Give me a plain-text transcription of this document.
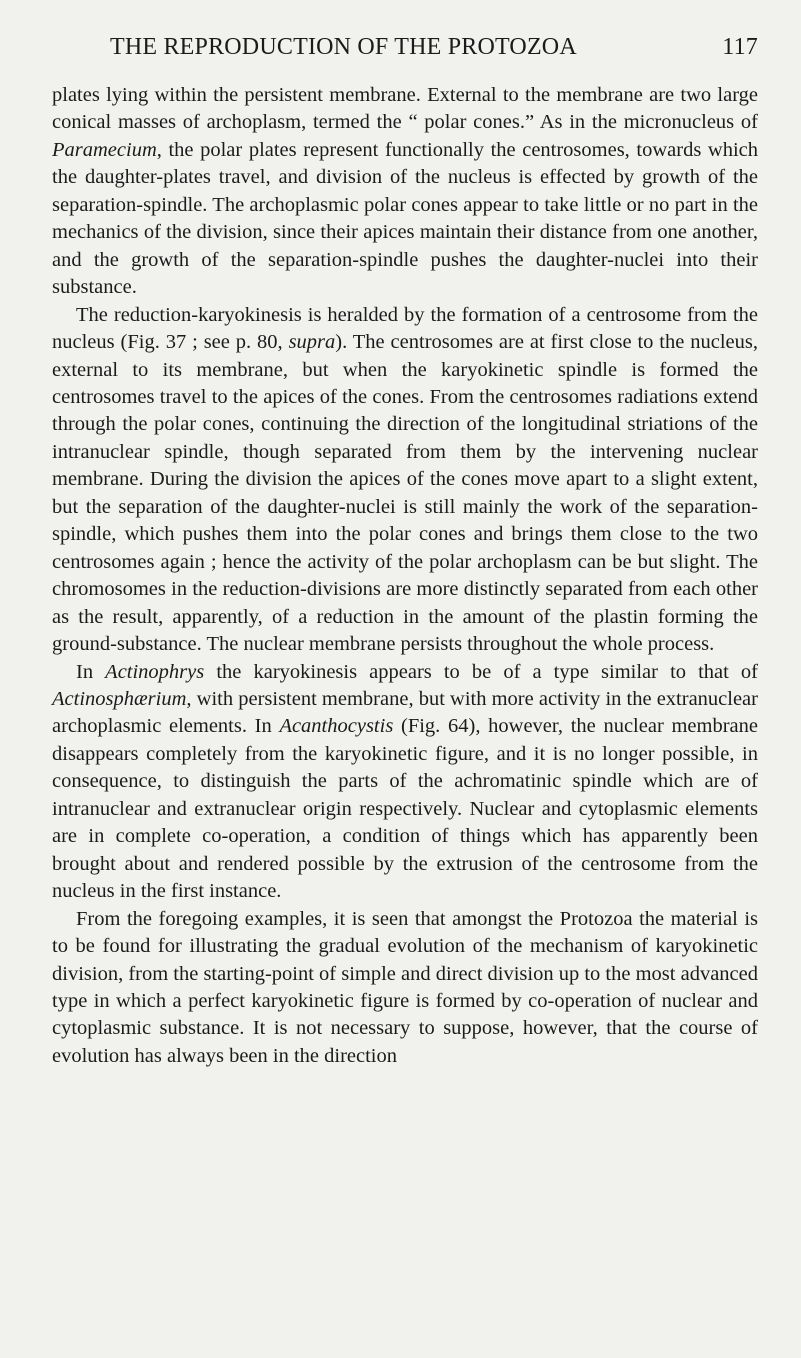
THE REPRODUCTION OF THE PROTOZOA	117

plates lying within the persistent membrane. External to the membrane are two large conical masses of archoplasm, termed the “ polar cones.” As in the micronucleus of Paramecium, the polar plates represent functionally the centrosomes, towards which the daughter-plates travel, and division of the nucleus is effected by growth of the separation-spindle. The archoplasmic polar cones appear to take little or no part in the mechanics of the division, since their apices maintain their distance from one another, and the growth of the separation-spindle pushes the daughter-nuclei into their substance.

The reduction-karyokinesis is heralded by the formation of a centrosome from the nucleus (Fig. 37 ; see p. 80, supra). The centrosomes are at first close to the nucleus, external to its membrane, but when the karyokinetic spindle is formed the centrosomes travel to the apices of the cones. From the centrosomes radiations extend through the polar cones, continuing the direction of the longitudinal striations of the intranuclear spindle, though separated from them by the intervening nuclear membrane. During the division the apices of the cones move apart to a slight extent, but the separation of the daughter-nuclei is still mainly the work of the separation-spindle, which pushes them into the polar cones and brings them close to the two centrosomes again ; hence the activity of the polar archoplasm can be but slight. The chromosomes in the reduction-divisions are more distinctly separated from each other as the result, apparently, of a reduction in the amount of the plastin forming the ground-substance. The nuclear membrane persists throughout the whole process.

In Actinophrys the karyokinesis appears to be of a type similar to that of Actinosphærium, with persistent membrane, but with more activity in the extranuclear archoplasmic elements. In Acanthocystis (Fig. 64), however, the nuclear membrane disappears completely from the karyokinetic figure, and it is no longer possible, in consequence, to distinguish the parts of the achromatinic spindle which are of intranuclear and extranuclear origin respectively. Nuclear and cytoplasmic elements are in complete co-operation, a condition of things which has apparently been brought about and rendered possible by the extrusion of the centrosome from the nucleus in the first instance.

From the foregoing examples, it is seen that amongst the Protozoa the material is to be found for illustrating the gradual evolution of the mechanism of karyokinetic division, from the starting-point of simple and direct division up to the most advanced type in which a perfect karyokinetic figure is formed by co-operation of nuclear and cytoplasmic substance. It is not necessary to suppose, however, that the course of evolution has always been in the direction
